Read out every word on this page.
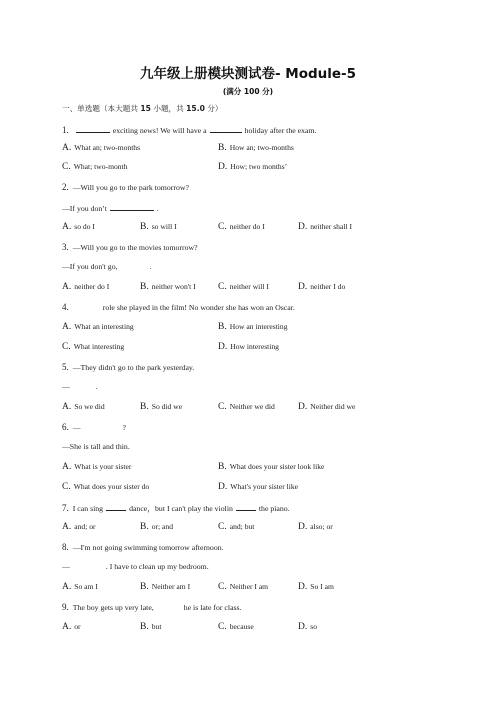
九年级上册模块测试卷- Module-5
(满分 100 分)
一、单选题（本大题共 15 小题，共 15.0 分）
1.	exciting news! We will have a	holiday after the exam.
A. What an; two-months	B. How an; two-months
C. What; two-month	D. How; two months’
2. —Will you go to the park tomorrow?
—If you don’t	.
A. so do I	B. so will I	C. neither do I	D. neither shall I
3. —Will you go to the movies tomorrow?
—If you don't go,	.
A. neither do I	B. neither won't I C. neither will I	D. neither I do
4.	role she played in the film! No wonder she has won an Oscar.
A. What an interesting	B. How an interesting
C. What interesting	D. How interesting
5. —They didn't go to the park yesterday.
—	.
A. So we did	B. So did we	C. Neither we did D. Neither did we
6. —	?
—She is tall and thin.
A. What is your sister	B. What does your sister look like
C. What does your sister do	D. What's your sister like
7. I can sing	dance，but I can't play the violin	the piano.
A. and; or	B. or; and	C. and; but	D. also; or
8. —I'm not going swimming tomorrow afternoon.
—	. I have to clean up my bedroom.
A. So am I	B. Neither am I	C. Neither I am	D. So I am
9. The boy gets up very late,	he is late for class.
A. or	B. but	C. because	D. so
